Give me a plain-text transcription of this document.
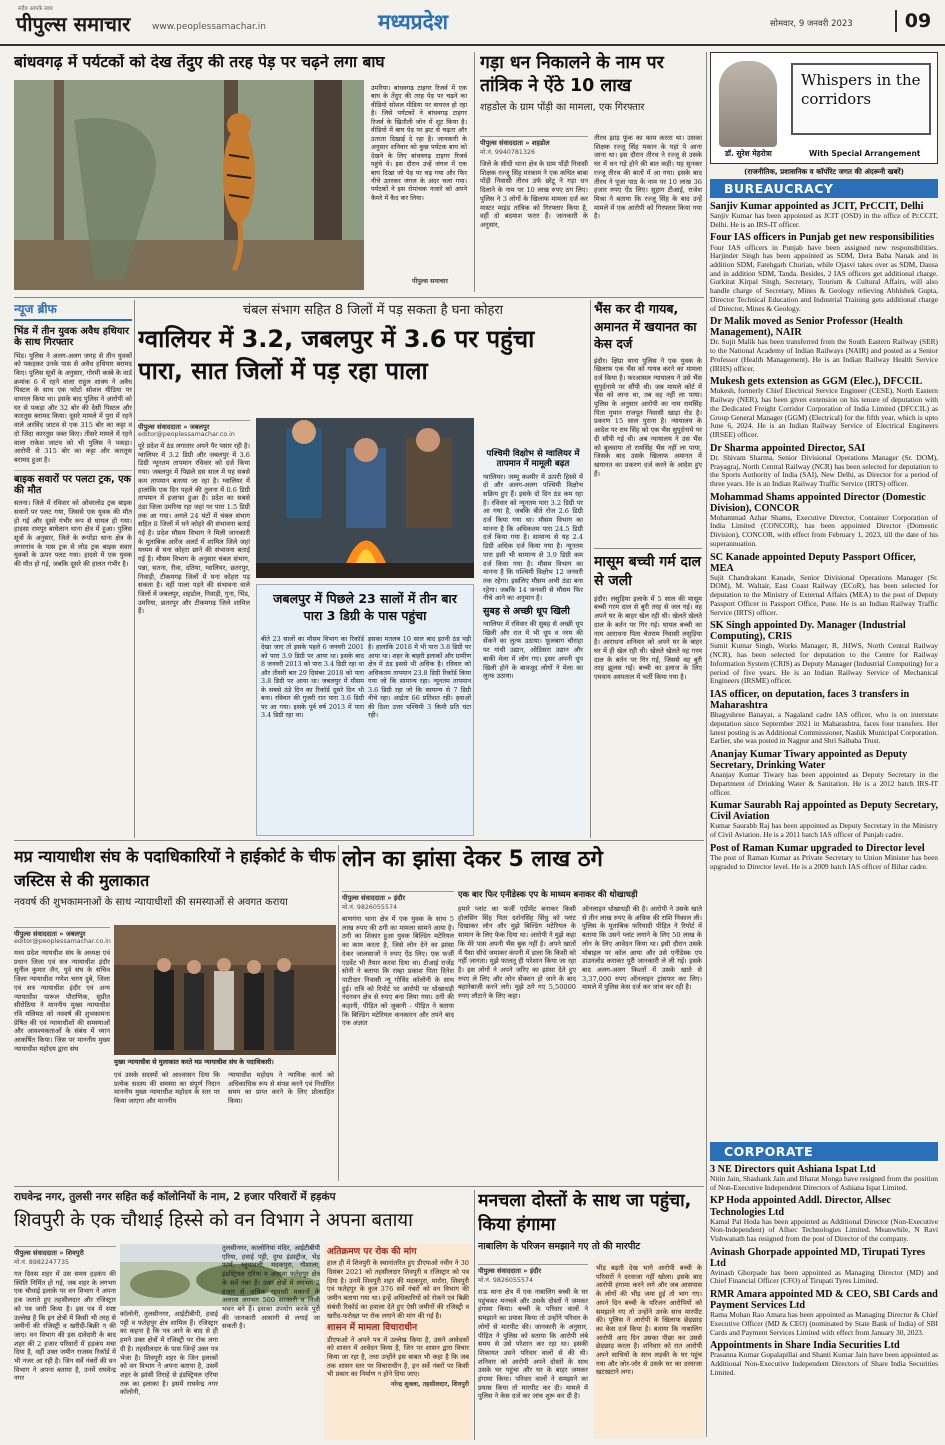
सदैव आपके साथ
पीपुल्स समाचार www.peoplessamachar.in	मध्यप्रदेश	सोमवार, 9 जनवरी 2023	09
बांधवगढ़ में पर्यटकों को देख तेंदुए की तरह पेड़ पर चढ़ने लगा बाघ
उमरिया। बांधवगढ़ टाइगर रिजर्व में एक बाघ के तेंदुए की तरह पेड़ पर चढ़ने का वीडियो सोशल मीडिया पर वायरल हो रहा है। जिसे पर्यटकों ने बांधवगढ़ टाइगर रिजर्व के खितौली जोन में शूट किया है। वीडियो में बाघ पेड़ पर झट से चढ़ता और उतरता दिखाई दे रहा है। जानकारी के अनुसार शनिवार को कुछ पर्यटक बाघ को देखने के लिए बांधवगढ़ टाइगर रिजर्व पहुंचे थे। इस दौरान उन्हें जंगल में एक बाघ दिखा जो पेड़ पर चढ़ गया और फिर नीचे उतरकर जंगल के अंदर चला गया। पर्यटकों ने इस रोमांचक नजारे को अपने कैमरे में कैद कर लिया।
पीपुल्स समाचार
गड़ा धन निकालने के नाम पर तांत्रिक ने ऐंठे 10 लाख
शहडोल के ग्राम पोंड़ी का मामला, एक गिरफ्तार
पीपुल्स संवाददाता » शहडोल
मो.नं. 9940781326
जिले के सीधी थाना क्षेत्र के ग्राम पोंड़ी निवासी शिक्षक रज्जू सिंह मरकाम ने एक कथित बाबा पोंड़ी निवासी तीरथ उर्फ छोटू ने गड़ा धन दिलाने के नाम पर 10 लाख रुपए ठग लिए। पुलिस ने 3 लोगों के खिलाफ मामला दर्ज कर मास्टर माइंड तांत्रिक को गिरफ्तार किया है, वहीं दो बदमाश फरार हैं। जानकारी के अनुसार,
तीरथ झाड़ फूंक का काम करता था। उसका शिक्षक रज्जू सिंह मकान के यहां पे आना जाना था। इस दौरान तीरथ ने रज्जू से उसके घर में धन गड़े होने की बात कही। यह सुनकर रज्जू तीरथ की बातों में आ गया। इसके बाद तीरथ ने पूजा पाठ के नाम पर 10 लाख 36 हजार रुपए ऐंठ लिए। सुहाग टीआई, राजेश मिश्रा ने बताया कि रज्जू सिंह के बाद उन्हें मामले में एक आरोपी को गिरफ्तार किया गया है।
Whispers in the corridors
डॉ. सुरेश मेहरोत्रा	With Special Arrangement
(राजनीतिक, प्रशासनिक व कॉर्पोरेट जगत की अंदरूनी खबरें)
BUREAUCRACY
Sanjiv Kumar appointed as JCIT, PrCCIT, Delhi

Sanjiv Kumar has been appointed as JCIT (OSD) in the office of Pr.CCIT, Delhi. He is an IRS-IT officer.

Four IAS officers in Punjab get new responsibilities

Four IAS officers in Punjab have been assigned new responsibilities. Harjinder Singh has been appointed as SDM, Dera Baba Nanak and in addition SDM, Fatehgarh Churian, while Ojasvi takes over as SDM, Dausa and in addition SDM, Tanda. Besides, 2 IAS officers get additional charge. Gurkirat Kirpal Singh, Secretary, Tourism & Cultural Affairs, will also handle charge of Secretary, Mines & Geology relieving Abhishek Gupta, Director Technical Education and Industrial Training gets additional charge of Director, Mines & Geology.

Dr Malik moved as Senior Professor (Health Management), NAIR

Dr. Sujit Malik has been transferred from the South Eastern Railway (SER) to the National Academy of Indian Railways (NAIR) and posted as a Senior Professor (Health Management). He is an Indian Railway Health Service (IRHS) officer.

Mukesh gets extension as GGM (Elec.), DFCCIL

Mukesh, formerly Chief Electrical Service Engineer (CESE), North Eastern Railway (NER), has been given extension on his tenure of deputation with the Dedicated Freight Corridor Corporation of India Limited (DFCCIL) as Group General Manager (GGM) (Electrical) for the fifth year, which is upto June 6, 2024. He is an Indian Railway Service of Electrical Engineers (IRSEE) officer.

Dr Sharma appointed Director, SAI

Dr. Shivam Sharma, Senior Divisional Operations Manager (Sr. DOM), Prayagraj, North Central Railway (NCR) has been selected for deputation to the Sports Authority of India (SAI), New Delhi, as Director for a period of three years. He is an Indian Railway Traffic Service (IRTS) officer.

Mohammad Shams appointed Director (Domestic Division), CONCOR

Mohammad Azhar Shams, Executive Director, Container Corporation of India Limited (CONCOR), has been appointed Director (Domestic Division), CONCOR, with effect from February 1, 2023, till the date of his superannuation.

SC Kanade appointed Deputy Passport Officer, MEA

Sujit Chandrakant Kanade, Senior Divisional Operations Manager (Sr. DOM), M. Waltair, East Coast Railway (ECoR), has been selected for deputation to the Ministry of External Affairs (MEA) to the post of Deputy Passport Officer in Passport Office, Pune. He is an Indian Railway Traffic Service (IRTS) officer.

SK Singh appointed Dy. Manager (Industrial Computing), CRIS

Sumit Kumar Singh, Works Manager, R, JHWS, North Central Railway (NCR), has been selected for deputation to the Centre for Railway Information System (CRIS) as Deputy Manager (Industrial Computing) for a period of five years. He is an Indian Railway Service of Mechanical Engineers (IRSME) officer.

IAS officer, on deputation, faces 3 transfers in Maharashtra

Bhagyshree Banayat, a Nagaland cadre IAS officer, who is on interstate deputation since September 2021 in Maharashtra, faces four transfers. Her latest posting is as Additional Commissioner, Nashik Municipal Corporation. Earlier, she was posted in Nagpur and Shri Saibaba Trust.

Ananjay Kumar Tiwary appointed as Deputy Secretary, Drinking Water

Ananjay Kumar Tiwary has been appointed as Deputy Secretary in the Department of Drinking Water & Sanitation. He is a 2012 batch IRS-IT officer.

Kumar Saurabh Raj appointed as Deputy Secretary, Civil Aviation

Kumar Saurabh Raj has been appointed as Deputy Secretary in the Ministry of Civil Aviation. He is a 2011 batch IAS officer of Punjab cadre.

Post of Raman Kumar upgraded to Director level

The post of Raman Kumar as Private Secretary to Union Minister has been upgraded to Director level. He is a 2009 batch IAS officer of Bihar cadre.

CORPORATE
3 NE Directors quit Ashiana Ispat Ltd

Nitin Jain, Shashank Jain and Bharat Monga have resigned from the position of Non-Executive Independent Directors of Ashiana Ispat Limited.

KP Hoda appointed Addl. Director, Allsec Technologies Ltd

Kamal Pal Hoda has been appointed as Additional Director (Non-Executive Non-Independent) of Allsec Technologies Limited. Meanwhile, N Ravi Vishwanath has resigned from the post of Director of the company.

Avinash Ghorpade appointed MD, Tirupati Tyres Ltd

Avinash Ghorpade has been appointed as Managing Director (MD) and Chief Financial Officer (CFO) of Tirupati Tyres Limited.

RMR Amara appointed MD & CEO, SBI Cards and Payment Services Ltd

Rama Mohan Rao Amara has been appointed as Managing Director & Chief Executive Officer (MD & CEO) (nominated by State Bank of India) of SBI Cards and Payment Services Limited with effect from January 30, 2023.

Appointments in Share India Securities Ltd

Prasanna Kumar Gopalapillai and Shanti Kumar Jain have been appointed as Additional Non-Executive Independent Directors of Share India Securities Limited.

न्यूज ब्रीफ
भिंड में तीन युवक अवैध हथियार के साथ गिरफ्तार
भिंड। पुलिस ने अलग-अलग जगह से तीन युवकों को पकड़कर उनके पास से अवैध हथियार बरामद किए। पुलिस सूत्रों के अनुसार, गोरमी कस्बे के वार्ड क्रमांक 6 में रहने वाला राहुल शाक्य ने अवैध पिस्टल के साथ एक फोटो सोशल मीडिया पर वायरल किया था। इसके बाद पुलिस ने आरोपी को घर से पकड़ा और 32 बोर की देसी पिस्टल और कारतूस बरामद किया। दूसरे मामले में पुरा में रहने वाले अरविंद जाटव से एक 315 बोर का कट्टा व दो जिंदा कारतूस जब्त किए। तीसरे मामले में रहने वाला राकेश जाटव को भी पुलिस ने पकड़ा। आरोपी से 315 बोर का कट्टा और कारतूस बरामद हुआ है।
बाइक सवारों पर पलटा ट्रक, एक की मौत
सतना। जिले में रविवार को ओवरलोड ट्रक बाइक सवारों पर पलट गया, जिससे एक युवक की मौत हो गई और दूसरे गंभीर रूप से घायल हो गया। हादसा रामपुर बाघेलान थाना क्षेत्र में हुआ। पुलिस सूत्रों के अनुसार, जिले के रूपोंडा थाना क्षेत्र के लगरगांव के पास ट्रक से लोड ट्रक बाइक सवार युवकों के ऊपर पलट गया। हादसे में एक युवक की मौत हो गई, जबकि दूसरे की हालत गंभीर है।
चंबल संभाग सहित 8 जिलों में पड़ सकता है घना कोहरा
ग्वालियर में 3.2, जबलपुर में 3.6 पर पहुंचा पारा, सात जिलों में पड़ रहा पाला
पीपुल्स संवाददाता » जबलपुर
editor@peoplessamachar.co.in
पूरे प्रदेश में ठंड लगातार अपने पैर पसार रही है। ग्वालियर में 3.2 डिग्री और जबलपुर में 3.6 डिग्री न्यूनतम तापमान रविवार को दर्ज किया गया। जबलपुर में पिछले दस साल में यह सबसे कम तापमान बताया जा रहा है। ग्वालियर में हालांकि एक दिन पहले की तुलना में 0.6 डिग्री तापमान में इजाफा हुआ है। प्रदेश का सबसे ठंडा जिला उमरिया रहा जहां पर पारा 1.5 डिग्री तक आ गया। अगले 24 घंटों में चंबल संभाग सहित 8 जिलों में घने कोहरे की संभावना बताई गई है। प्रदेश मौसम विभाग ने मिली जानकारी के मुताबिक आरेंज अलर्ट में शामिल जिले जहां मध्यम से घना कोहरा छाने की संभावना बताई गई है। मौसम विभाग के अनुसार चंबल संभाग, पन्ना, सतना, रीवा, दतिया, ग्वालियर, छतरपुर, निवाड़ी, टीकमगढ़ जिलों में घना कोहरा पड़ सकता है। वहीं पाला पड़ने की संभावना वाले जिलों में जबलपुर, शहडोल, निवाड़ी, गुना, भिंड, उमरिया, छतरपुर और टीकमगढ़ जिले शामिल हैं।
जबलपुर में पिछले 23 सालों में तीन बार पारा 3 डिग्री के पास पहुंचा
बीते 23 सालों का मौसम विभाग का रिकॉर्ड देखा जाए तो इसके पहले 6 जनवरी 2001 को पारा 3.9 डिग्री पर आया था। इसके बाद 8 जनवरी 2013 को पारा 3.4 डिग्री रहा था और तीसरी बार 29 दिसंबर 2018 को पारा 3.8 डिग्री पर आया था। जबलपुर में मौसम के सबसे ठंडे दिन का रिकॉर्ड दूसरे दिन भी बना। रविवार की गुजरी रात पारा 3.6 डिग्री पर आ गया। इसके पूर्व वर्ष 2013 में पारा 3.4 डिग्री रहा था।
इसका मतलब 10 साल बाद इतनी ठंड पड़ी है। हालांकि 2018 में भी पारा 3.8 डिग्री पर आया था। शहर के बाहरी इलाकों और ग्रामीण क्षेत्र में ठंड इससे भी अधिक है। रविवार को अधिकतम तापमान 23.8 डिग्री रिकॉर्ड किया गया जो कि सामान्य रहा। न्यूनतम तापमान 3.6 डिग्री रहा जो कि सामान्य से 7 डिग्री नीचे रहा। आर्द्रता 66 प्रतिशत रही। हवाओं की दिशा उत्तर पश्चिमी 3 किमी प्रति घंटा रही।
पश्चिमी विक्षोभ से ग्वालियर में तापमान में मामूली बढ़त
ग्वालियर। जम्मू कश्मीर में ऊपरी हिस्से में दो और अलग-अलग पश्चिमी विक्षोभ सक्रिय हुए हैं। इसके दो दिन ठंड कम रहा है। रविवार को न्यूनतम पारा 3.2 डिग्री पर आ गया है, जबकि बीते रोज 2.6 डिग्री दर्ज किया गया था। मौसम विभाग का मानना है कि अधिकतम पारा 24.5 डिग्री दर्ज किया गया है। सामान्य से यह 2.4 डिग्री अधिक दर्ज किया गया है। न्यूनतम पारा इसी भी सामान्य से 3.9 डिग्री कम दर्ज किया गया है। मौसम विभाग का मानना है कि पश्चिमी विक्षोभ 12 जनवरी तक रहेगा। इसलिए मौसम अभी ठंडा बना रहेगा। जबकि 14 जनवरी से मौसम फिर नीचे आने का अनुमान है।
सुबह से अच्छी धूप खिली
ग्वालियर में रविवार की सुबह से अच्छी धूप खिली और रात में भी धूप व नरम की सेंकने का लुत्फ उठाया। फूलबाग चौराहा पर गांधी उद्यान, ओडिसरा उद्यान और बाकी मेला में लोग गए। इसर अपनी धूप खिली होने के बावजूद लोगों ने मेला का लुत्फ उठाया।
भैंस कर दी गायब, अमानत में खयानत का केस दर्ज
इंदौर। क्षिप्रा थाना पुलिस ने एक युवक के खिलाफ एक भैंस को गायब करने का मामला दर्ज किया है। फरआसल न्यायालय ने उसे भैंस सुपुर्दनामे पर सौंपी थी। जब मामले कोर्ट में भैंस को लाना था, तब वह नहीं ला पाया। पुलिस के अनुसार आरोपी का नाम रामसिंह पिता गुमान राजपूत निवासी खाड़ा रोड है। प्रकरण 15 साल पुराना है। न्यायालय के आदेश पर राम सिंह को एक भैंस सुपुर्दनामे पर दी सौंपी गई थी। अब न्यायालय ने उस भैंस को बुलवाया तो रामसिंह भैंस नहीं ला पाया, जिसके बाद उसके खिलाफ अमानत में खयानत का प्रकरण दर्ज करने के आदेश हुए हैं।
मासूम बच्ची गर्म दाल से जली
इंदौर। लसुड़िया इलाके में 5 साल की मासूम बच्ची गरम दाल से बुरी तरह से जल गई। वह अपने घर के बाहर खेल रही थी। खेलते खेलते दाल के बर्तन पर गिर गई। घायल बच्ची का नाम आराधना पिता चेतराम निवासी लसुड़िया है। आराधना शनिवार को अपने घर के बाहर घर में ही खेल रही थी। खेलते खेलते वह गरम दाल के बर्तन पर गिर गई, जिससे वह बुरी तरह झुलस गई। बच्ची का इलाज के लिए एमवाय अस्पताल में भर्ती किया गया है।
मप्र न्यायाधीश संघ के पदाधिकारियों ने हाईकोर्ट के चीफ जस्टिस से की मुलाकात
नववर्ष की शुभकामनाओं के साथ न्यायाधीशों की समस्याओं से अवगत कराया
पीपुल्स संवाददाता » जबलपुर
editor@peoplessamachar.co.in
मध्य प्रदेश न्यायधीश संघ के अध्यक्ष एवं प्रधान जिला एवं सत्र न्यायाधीश इंदौर सुनील कुमार जैन, पूर्व संघ के सचिव जिला न्यायाधीश गणेश चरण दुबे, जिला एवं सत्र न्यायाधीश इंदौर एवं अन्य न्यायाधीश पारूल पौराणिक, सुप्रीत सीरोठिया ने माननीय मुख्य न्यायाधीश रवि मलिमठ को नववर्ष की शुभकामना प्रेषित की एवं न्यायाधीशों की समस्याओं और आवश्यकताओं के संबंध में ध्यान आकर्षित किया। जिस पर माननीय मुख्य न्यायाधीश महोदय द्वारा संघ
मुख्य न्यायाधीश से मुलाकात करते मप्र न्यायाधीश संघ के पदाधिकारी।
एवं उसके सदस्यों को आश्वासन दिया कि प्रत्येक सदस्य की समस्या का संपूर्ण निदान माननीय मुख्य न्यायाधीश महोदय के स्तर पर किया जाएगा और माननीय
न्यायाधीश महोदय ने न्यायिक कार्य को अधिकाधिक रूप से संपन्न करने एवं निर्धारित समय का प्राप्त करने के लिए प्रोत्साहित किया।
लोन का झांसा देकर 5 लाख ठगे
पीपुल्स संवाददाता » इंदौर
मो.नं. 9826055574
बाणगंगा थाना क्षेत्र में एक युवक के साथ 5 लाख रुपए की ठगी का मामला सामने आया है। ठगी का शिकार हुआ युवक बिल्डिंग मटेरियल का काम करता है, जिसे लोन देने का झांसा देकर जालसाजों ने रुपए ऐंठ लिए। एक फर्जी एडवेंट भी तैयार करवा दिया था। टीआई राजेंद्र सोनी ने बताया कि राम्हा प्रकाश पिता दिनेश पाटीदार निवासी न्यू गोविंद कॉलोनी के साथ हुई। रात्रि को रिपोर्ट पर आरोपी पर धोखाधड़ी नंदनवन क्षेत्र से रुपए बना लिया गया। ठगी की कहानी, पीड़ित को जुबानी - पीड़ित ने बताया कि बिल्डिंग मटेरियल कनकारन और तपने बाद एक अज्ञात
एक बार फिर एनीडेस्क एप के माध्यम बनाकर की धोखाधड़ी
हमारे प्लांट का फर्जी एग्रीमेंट बनाकर किसी होलसिंग सिंह पिता दर्शनसिंह सिंधु को प्लांट दिखाकर लोन और मुझे बिल्डिंग मटेरियल के सामान के लिए फेक दिया था। आरोपी ने मुझे कहा कि मेरे पास अपनी भैंस बुक नहीं है। अपने खातों में पैसा सीधे जमाकर कंपनी में डाला कि किसी को नहीं जानता। मुझे फालतू ही परेशान किया जा रहा है। इस लोगों ने अपने जरिए का झांसा देते हुए रुपए ले लिए और लोन सेंक्शन हो जाने के बाद बहानेबाजी करने लगे। मुझे ठगे गए 5,50000 रुपए लौटाने के लिए कहा।
ऑनलाइन धोखाधड़ी की है। आरोपी ने उसके खाते से तीन लाख रुपए के अधिक की राशि निकाल ली। पुलिस के मुताबिक फरियादी पीड़ित ने रिपोर्ट में बताया कि उसने प्लांट लगाने के लिए 50 लाख के लोन के लिए आवेदन किया था। इसी दौरान उसके मोबाइल पर कॉल आया और उसे एनीडेस्क एप डाउनलोड कराकर पूरी जानकारी ले ली गई। इसके बाद अलग-अलग किश्तों में उसके खाते से 3,37,000 रुपए ऑनलाइन ट्रांसफर कर लिए। मामले में पुलिस केस दर्ज कर जांच कर रही है।
राघवेन्द्र नगर, तुलसी नगर सहित कई कॉलोनियों के नाम, 2 हजार परिवारों में हड़कंप
शिवपुरी के एक चौथाई हिस्से को वन विभाग ने अपना बताया
पीपुल्स संवाददाता » शिवपुरी
मो.नं. 8982247735
गत दिवस शहर में उस समय हड़कंप की स्थिति निर्मित हो गई, जब शहर के लगभग एक चौथाई इलाके पर वन विभाग ने अपना हक जताते हुए तहसीलदार और रजिस्ट्रार को पत्र जारी किया है। इस पत्र में स्पष्ट उल्लेख है कि इन क्षेत्रों में किसी भी तरह से जमीनों की रजिस्ट्री व खरीदी-बिक्री न की जाए। वन विभाग की इस दावेदारी के बाद शहर की 2 हजार परिवारों में हड़कंप मचा दिया है, वहीं उक्त जमीन राजस्व रिकॉर्ड में भी नजर आ रही है। जिन सर्वे नंबरों की वन विभाग ने अपना बताया है, उनमें राघवेन्द्र नगर
कॉलोनी, तुलसीनगर, आईटीबीपी, हवाई पट्टी व फतेहपुर क्षेत्र शामिल हैं। रजिस्ट्रार का कहना है कि पत्र आने के बाद से ही हमने उक्त क्षेत्रों में रजिस्ट्री पर रोक लगा दी है। तहसीलदार के पास जिन्हें उक्त पत्र भेजा है। शिवपुरी शहर के जिन इलाकों को वन विभाग ने अपना बताया है, उसमें शहर के झांसी तिराहे से इंडस्ट्रियल एरिया तक का इलाका है। इसमें राघवेन्द्र नगर कॉलोनी,
तुलसीनगर, कालोनियां मंदिर, आईटीबीपी एरिया, हवाई पट्टी, दुग्ध इंडस्ट्रीज, भेड़ फार्म, ग्लुयावली, मदकपुरा, गौशाला, इंडस्ट्रियल एरिया व अलावा फतेहपुर क्षेत्र के सर्वे नंबर हैं। उक्त क्षेत्रों में लगभग 2 हजार से अधिक रहवासी मकानों के अलावा लगभग 500 सरकारी व निजी भवन बने हैं। इसका उपयोग करके पूरी की जानकारी आसानी से लगाई जा सकती है।
अतिक्रमण पर रोक की मांग
हाल ही में शिवपुरी के स्थानांतरित हुए डीएफओ नवीन ने 30 दिसंबर 2021 को तहसीलदार शिवपुरी व रजिस्ट्रार को पत्र दिया है। उनमें शिवपुरी शहर की मदकपुरा, मारोरा, शिवपुरी एवं फतेहपुर के कुल 376 सर्वे नंबरों को वन विभाग की जमीन बताया गया था। इन्हें अधिकारियों को रोकने एवं बिक्री संबंधी रिकॉर्ड का हवाला देते हुए ऐसी जमीनों की रजिस्ट्री व खरीद-फरोख्त पर रोक लगाने की मांग की गई है।
शासन में मामला विचाराधीन
डीएफओ ने अपने पत्र में उल्लेख किया है, उसने आवेदकों को शासन में आवेदन किया है, जिन पर शासन द्वारा विचार किया जा रहा है, तथा उन्होंने इस बाबत भी कहा है कि जब तक शासन स्तर पर विचाराधीन है, इन सर्वे नंबरों पर किसी भी प्रकार का निर्माण न होने दिया जाए।
नरेन्द्र शुक्ला, तहसीलदार, शिवपुरी
मनचला दोस्तों के साथ जा पहुंचा, किया हंगामा
नाबालिग के परिजन समझाने गए तो की मारपीट
पीपुल्स संवाददाता » इंदौर
मो.नं. 9826055574
राऊ थाना क्षेत्र में एक नाबालिग बच्ची के घर पहुंचकर मनचले और उसके दोस्तों ने जमकर हंगामा किया। बच्ची के परिवार वालों ने समझाने का प्रयास किया तो उन्होंने परिवार के लोगों से मारपीट की। जानकारी के अनुसार, पीड़ित ने पुलिस को बताया कि आरोपी लंबे समय से उसे परेशान कर रहा था। इसकी शिकायत उसने परिवार वालों से की थी। शनिवार को आरोपी अपने दोस्तों के साथ उसके घर पहुंचा और घर के बाहर जमकर हंगामा किया। परिवार वालों ने समझाने का प्रयास किया तो मारपीट कर दी। मामले में पुलिस ने केस दर्ज कर जांच शुरू कर दी है।
भीड़ बढ़ती देख भागे आरोपी बच्ची के परिवारों ने दरवाजा नहीं खोला। इसके बाद आरोपी हंगामा करने लगे और जब आसपास के लोगों की भीड़ जमा हुई तो भाग गए। अपने दिन बच्ची के परिजन आरोपियों को समझाने गए तो उन्होंने उनके साथ मारपीट की। पुलिस ने आरोपी के खिलाफ छेड़छाड़ का केस दर्ज किया है। बताया कि नाबालिग आरोपी आए दिन उसका पीछा कर उससे छेड़छाड़ करता है। शनिवार को रात आरोपी अपने साथियों के साथ लड़की के घर पहुंच गया और जोर-जोर से उसके घर का दरवाजा खटखटाने लगा।
